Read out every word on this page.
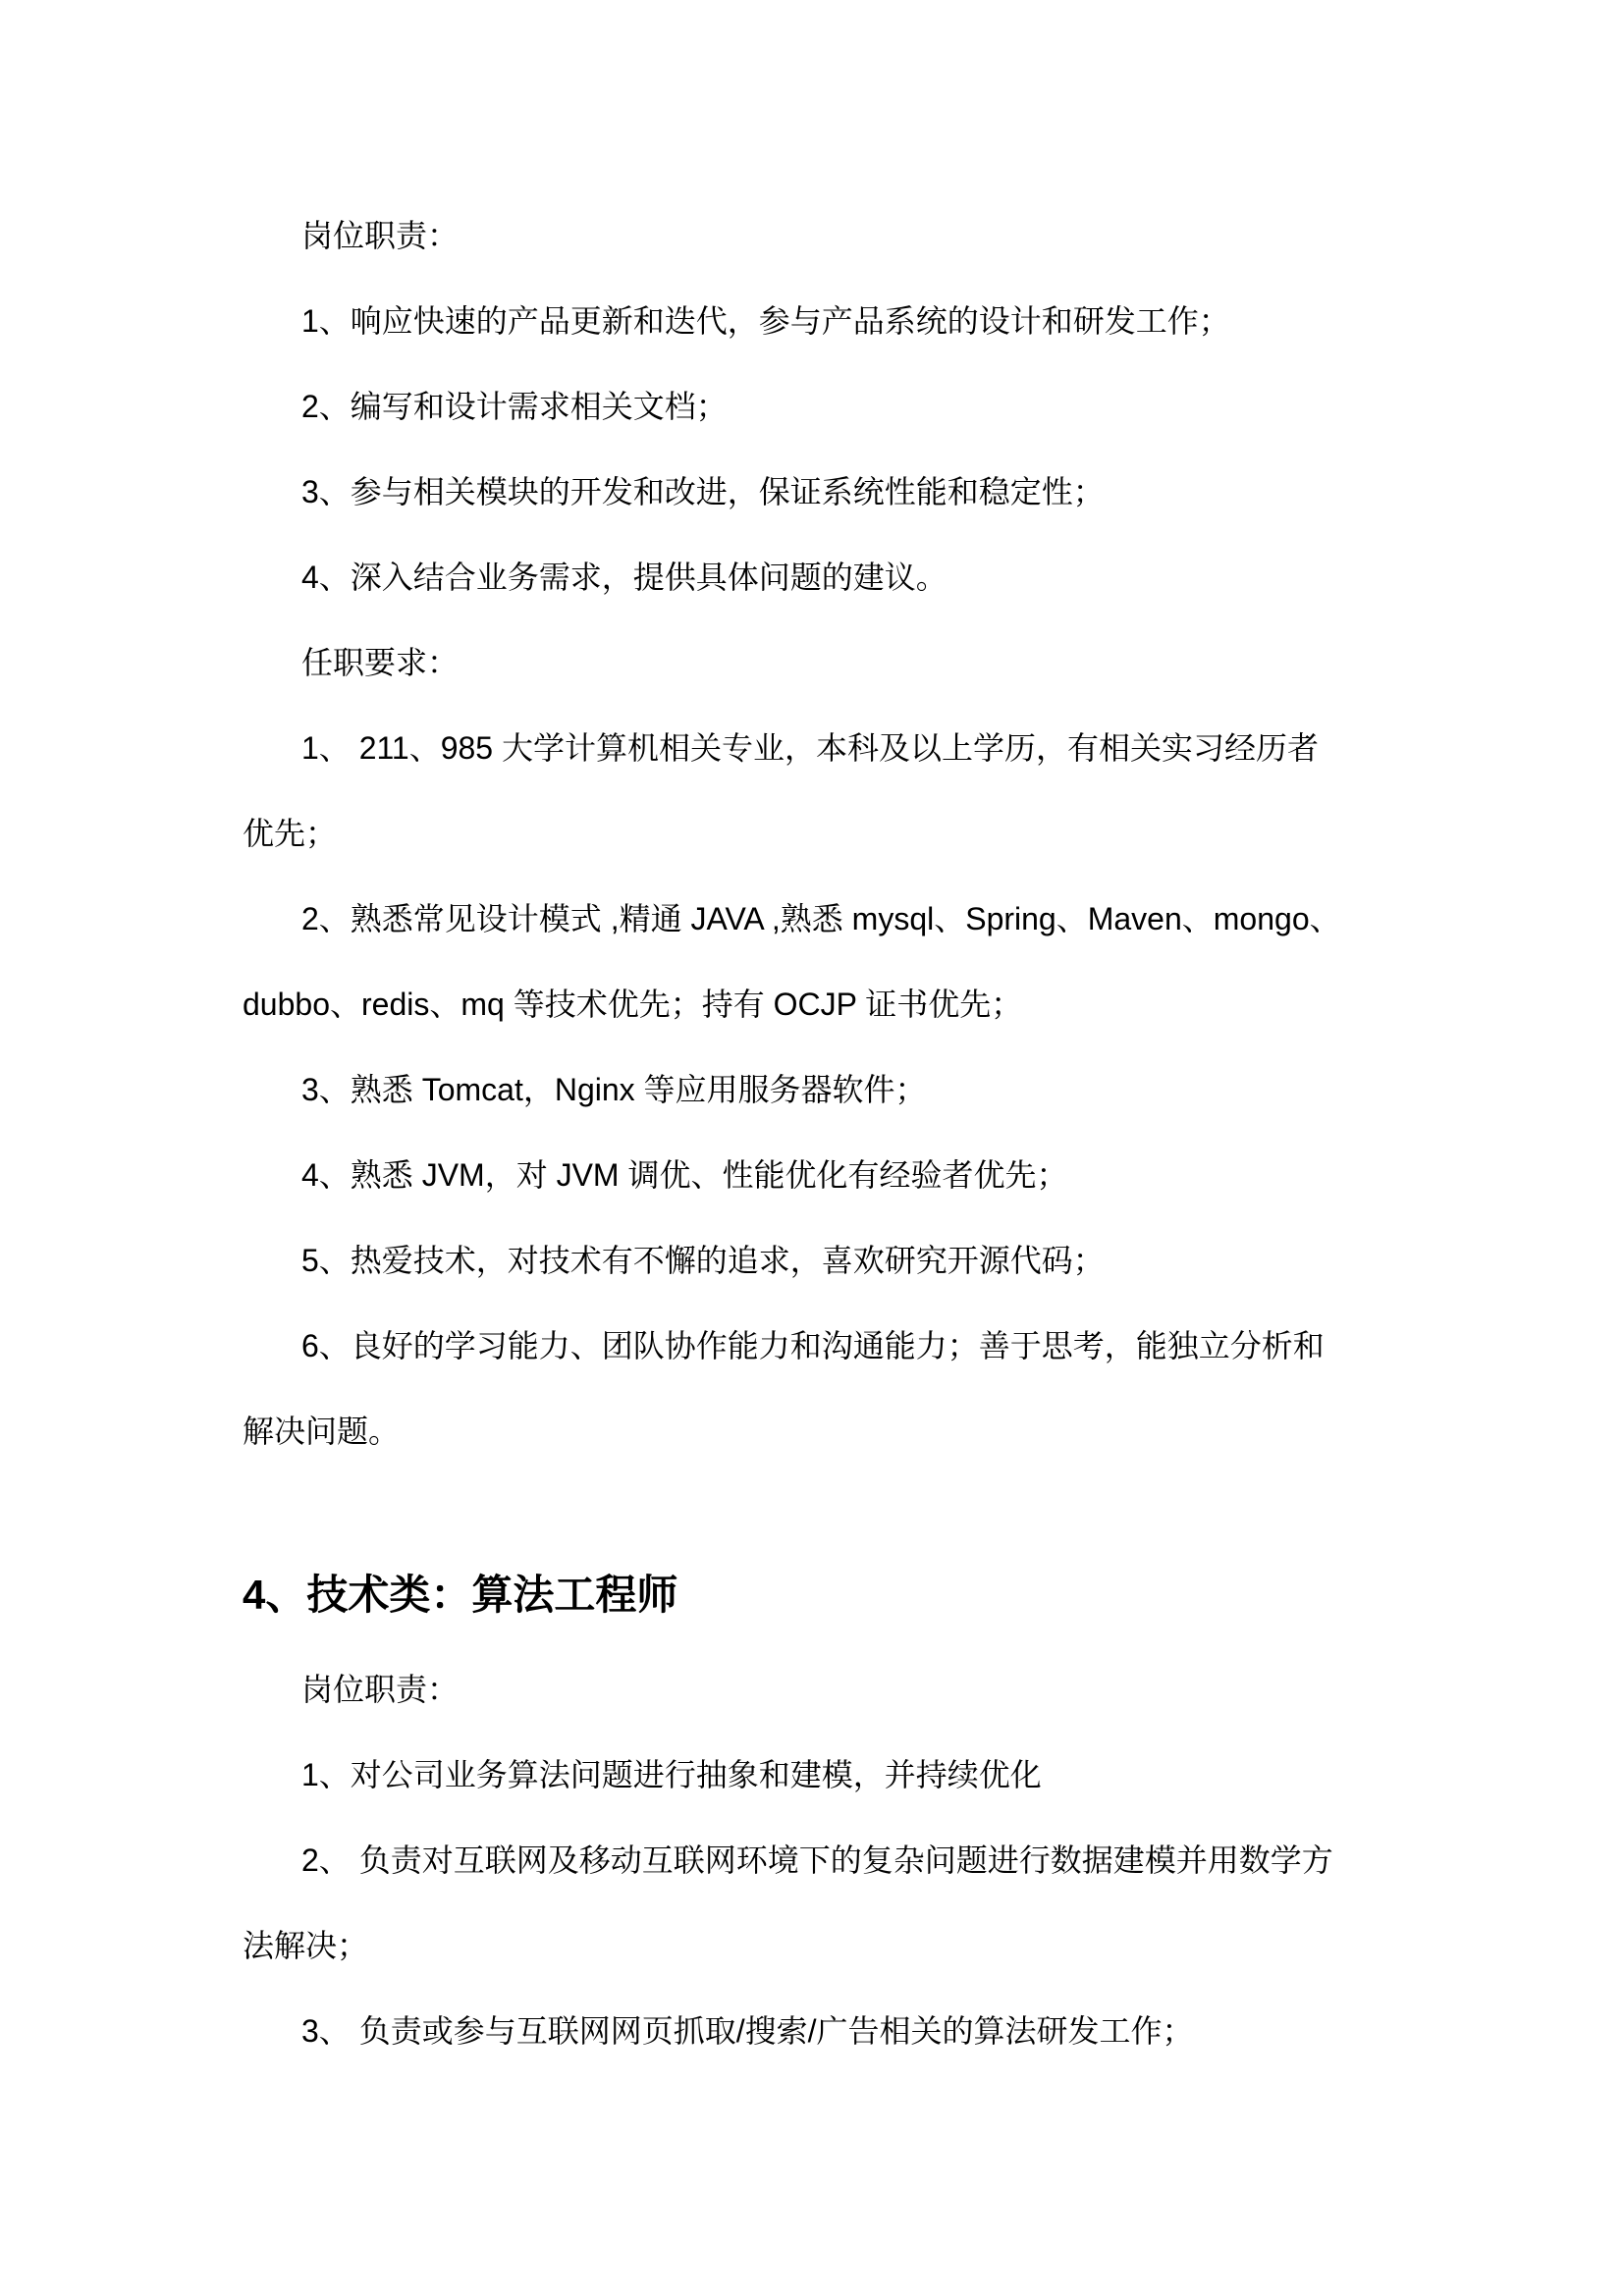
岗位职责：

1、响应快速的产品更新和迭代，参与产品系统的设计和研发工作；

2、编写和设计需求相关文档；

3、参与相关模块的开发和改进，保证系统性能和稳定性；

4、深入结合业务需求，提供具体问题的建议。

任职要求：

1、 211、985 大学计算机相关专业，本科及以上学历，有相关实习经历者

优先；

2、熟悉常见设计模式 ,精通 JAVA ,熟悉 mysql、Spring、Maven、mongo、

dubbo、redis、mq 等技术优先；持有 OCJP 证书优先；

3、熟悉 Tomcat，Nginx 等应用服务器软件；

4、熟悉 JVM，对 JVM 调优、性能优化有经验者优先；

5、热爱技术，对技术有不懈的追求，喜欢研究开源代码；

6、良好的学习能力、团队协作能力和沟通能力；善于思考，能独立分析和

解决问题。

4、技术类：算法工程师

岗位职责：

1、对公司业务算法问题进行抽象和建模，并持续优化

2、 负责对互联网及移动互联网环境下的复杂问题进行数据建模并用数学方

法解决；

3、 负责或参与互联网网页抓取/搜索/广告相关的算法研发工作；
